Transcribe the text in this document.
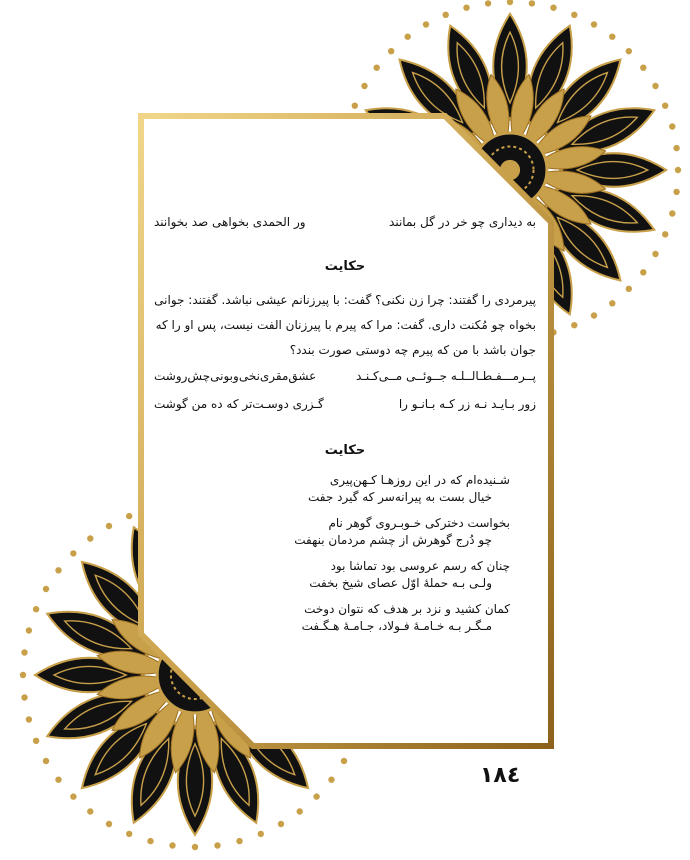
به دیداری چو خر در گل بمانند
ور الحمدی بخواهی صد بخوانند
حکایت
پیرمردی را گفتند: چرا زن نکنی؟ گفت: با پیرزنانم عیشی نباشد. گفتند: جوانی
بخواه چو مُکنت داری. گفت: مرا که پیرم با پیرزنان الفت نیست، پس او را که
جوان باشد با من که پیرم چه دوستی صورت بندد؟
پــرمـــفـطـالــلـه جــوئــی مــی‌کـنـد
عشق‌مقری‌نخی‌وبونی‌چش‌روشت
زور بـایـد نـه زر کـه بـانـو را
گـزری دوسـت‌تر که ده من گوشت
حکایت
شـنیده‌ام که در این روزهـا کـهن‌پیری
خیال بست به پیرانه‌سر که گیرد جفت
بخواست دخترکی خـوبـروی گوهر نام
چو دُرج گوهرش از چشم مردمان بنهفت
چنان که رسم عروسی بود تماشا بود
ولـی بـه حملهٔ اوّل عصای شیخ بخفت
کمان کشید و نزد بر هدف که نتوان دوخت
مـگـر بـه خـامـهٔ فـولاد، جـامـهٔ هـگـفت
۱۸٤
